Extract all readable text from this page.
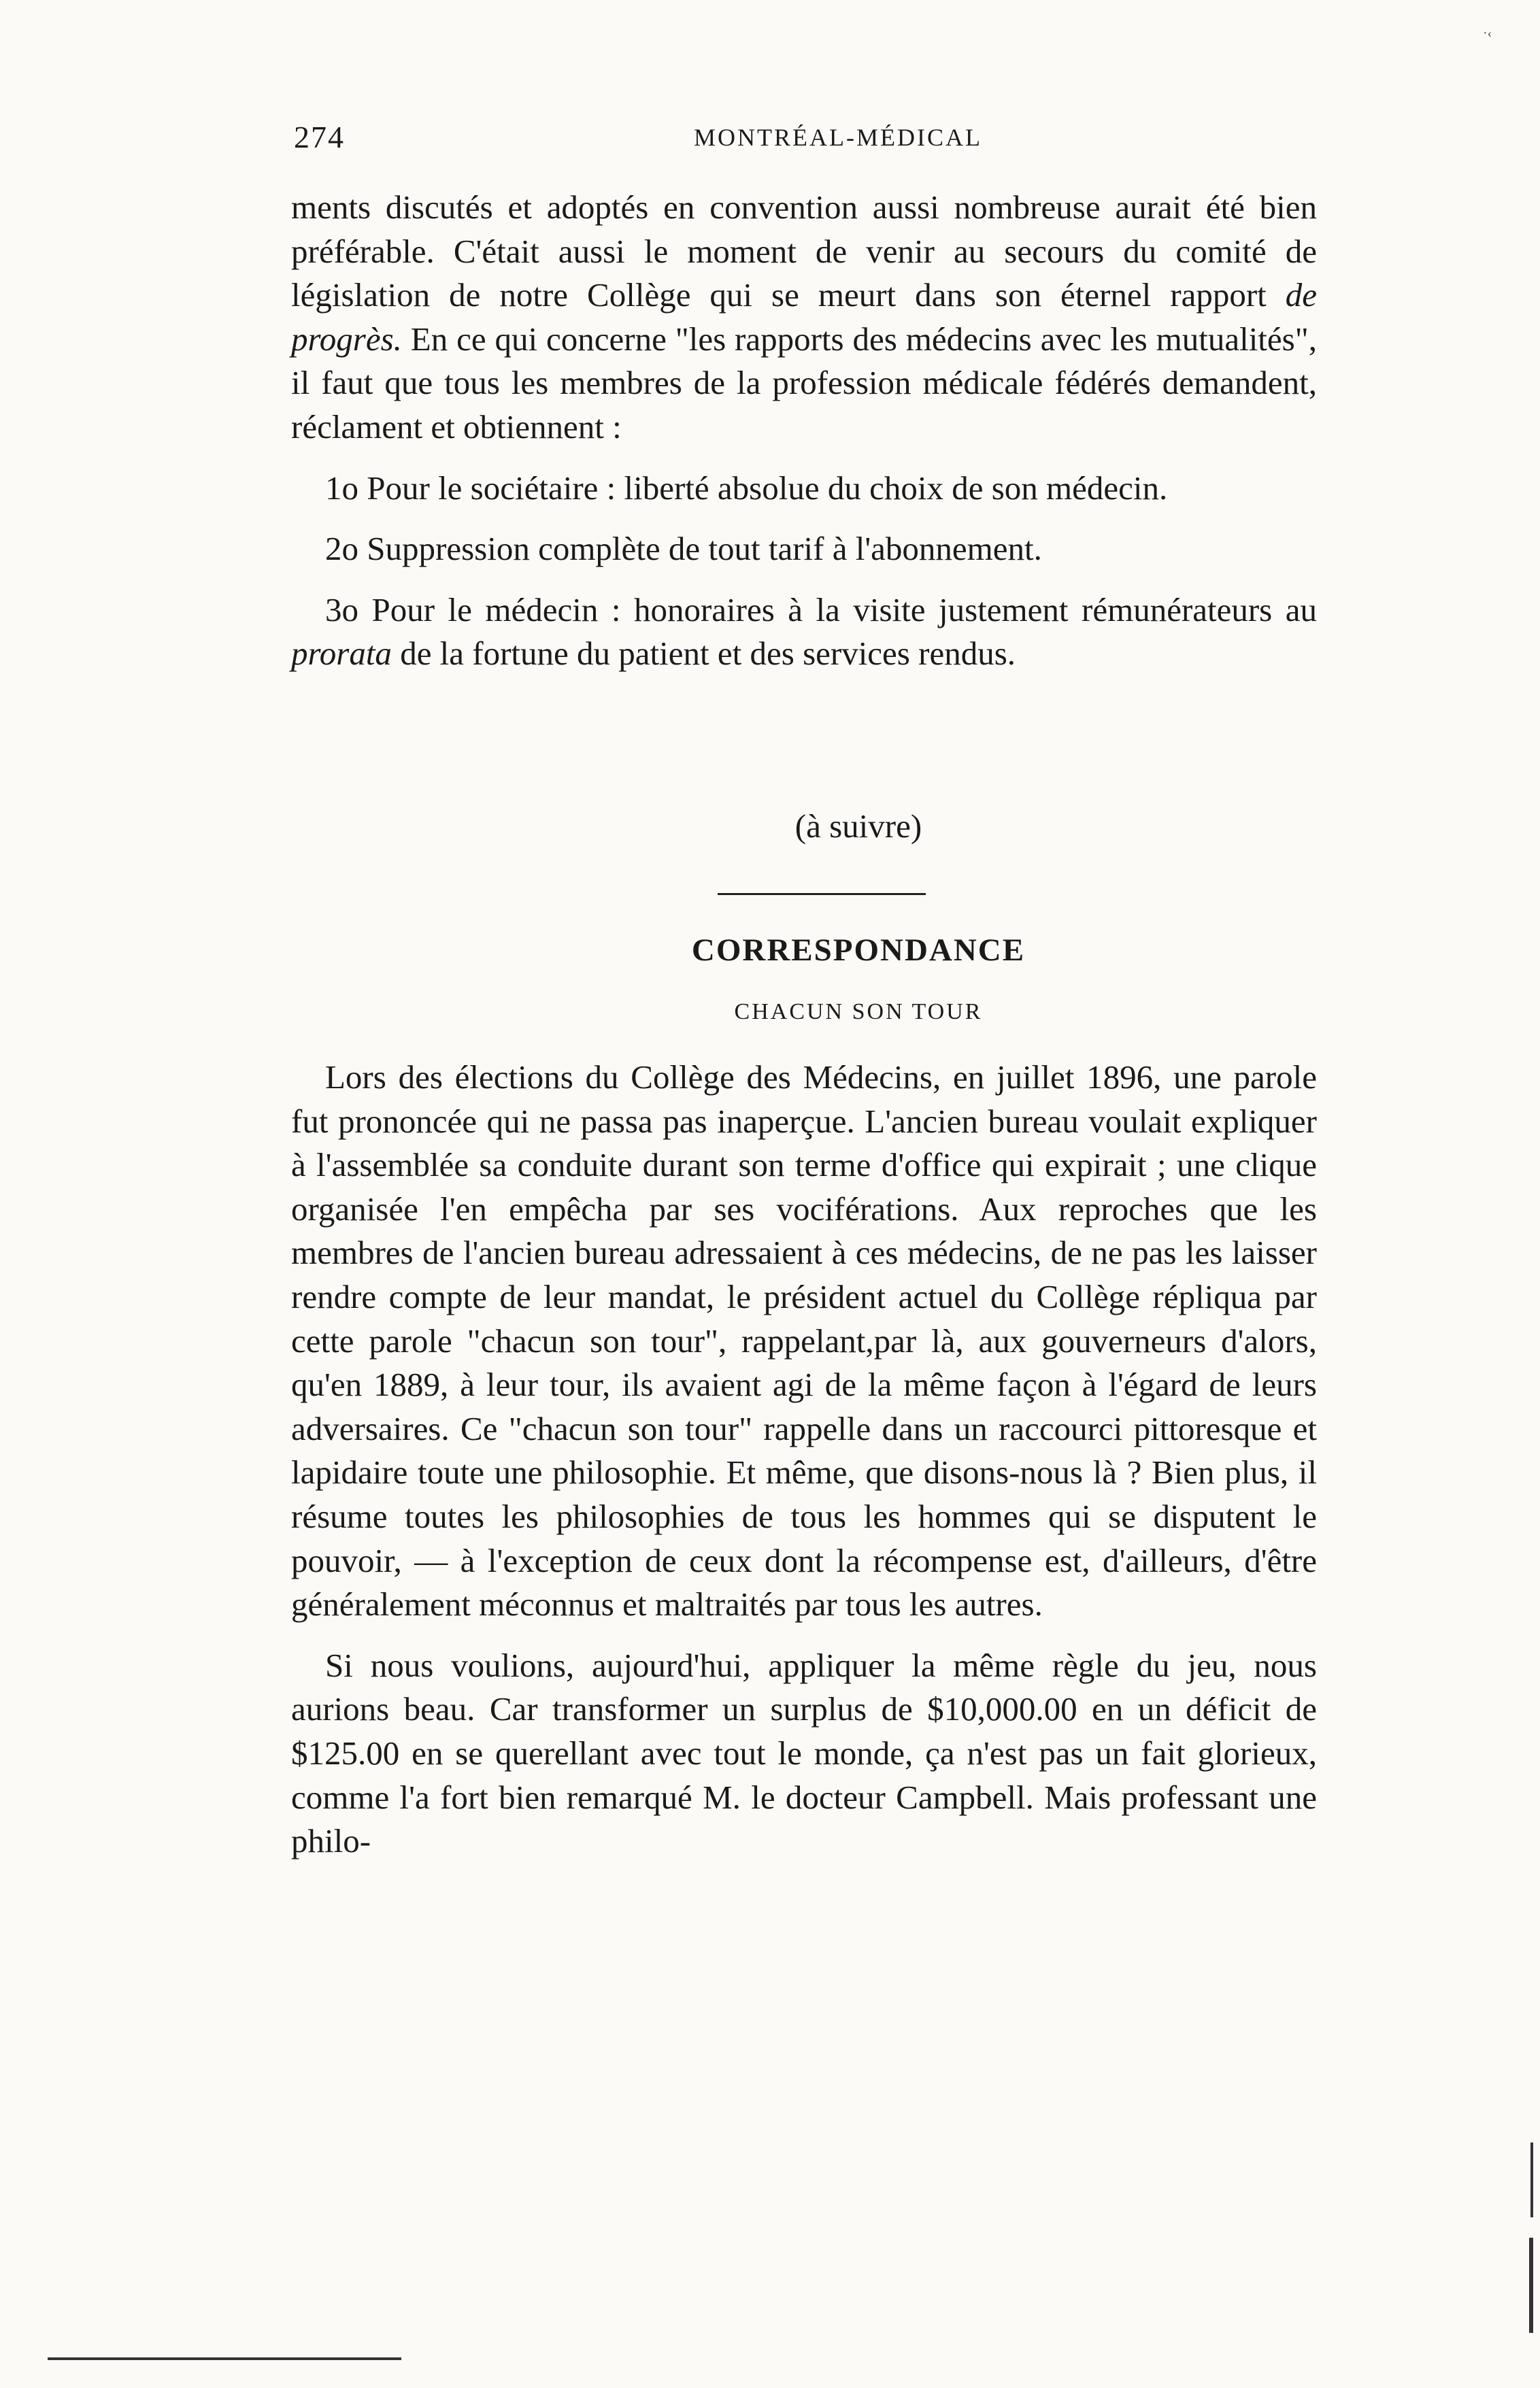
·‹
274	MONTRÉAL-MÉDICAL

ments discutés et adoptés en convention aussi nombreuse aurait été bien préférable. C'était aussi le moment de venir au secours du comité de législation de notre Collège qui se meurt dans son éternel rapport de progrès. En ce qui concerne "les rapports des médecins avec les mutualités", il faut que tous les membres de la profession médicale fédérés demandent, réclament et obtiennent :

1o Pour le sociétaire : liberté absolue du choix de son médecin.

2o Suppression complète de tout tarif à l'abonnement.

3o Pour le médecin : honoraires à la visite justement rémunérateurs au prorata de la fortune du patient et des services rendus.

(à suivre)
CORRESPONDANCE
CHACUN SON TOUR

Lors des élections du Collège des Médecins, en juillet 1896, une parole fut prononcée qui ne passa pas inaperçue. L'ancien bureau voulait expliquer à l'assemblée sa conduite durant son terme d'office qui expirait ; une clique organisée l'en empêcha par ses vociférations. Aux reproches que les membres de l'ancien bureau adressaient à ces médecins, de ne pas les laisser rendre compte de leur mandat, le président actuel du Collège répliqua par cette parole "chacun son tour", rappelant,par là, aux gouverneurs d'alors, qu'en 1889, à leur tour, ils avaient agi de la même façon à l'égard de leurs adversaires. Ce "chacun son tour" rappelle dans un raccourci pittoresque et lapidaire toute une philosophie. Et même, que disons-nous là ? Bien plus, il résume toutes les philosophies de tous les hommes qui se disputent le pouvoir, — à l'exception de ceux dont la récompense est, d'ailleurs, d'être généralement méconnus et maltraités par tous les autres.

Si nous voulions, aujourd'hui, appliquer la même règle du jeu, nous aurions beau. Car transformer un surplus de $10,000.00 en un déficit de $125.00 en se querellant avec tout le monde, ça n'est pas un fait glorieux, comme l'a fort bien remarqué M. le docteur Campbell. Mais professant une philo-
